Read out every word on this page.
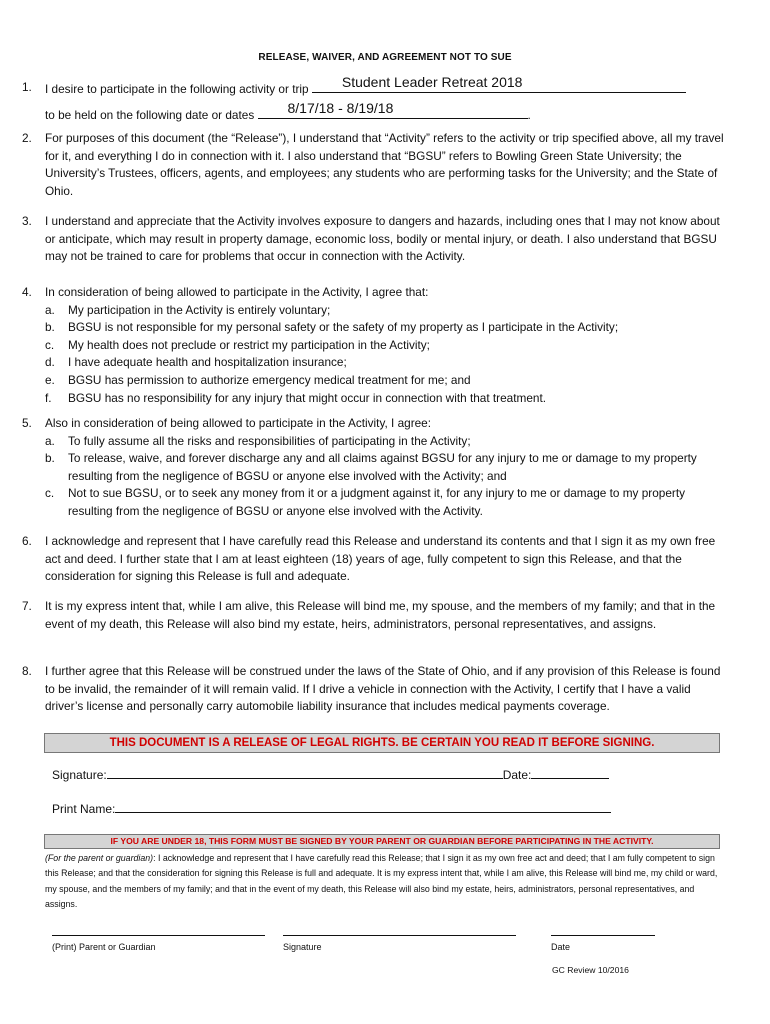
RELEASE, WAIVER, AND AGREEMENT NOT TO SUE
1.	I desire to participate in the following activity or trip Student Leader Retreat 2018
to be held on the following date or dates 8/17/18 - 8/19/18	.
2.	For purposes of this document (the “Release”), I understand that “Activity” refers to the activity or trip specified above, all my travel for it, and everything I do in connection with it. I also understand that “BGSU” refers to Bowling Green State University; the University’s Trustees, officers, agents, and employees; any students who are performing tasks for the University; and the State of Ohio.
3.	I understand and appreciate that the Activity involves exposure to dangers and hazards, including ones that I may not know about or anticipate, which may result in property damage, economic loss, bodily or mental injury, or death. I also understand that BGSU may not be trained to care for problems that occur in connection with the Activity.
4.	In consideration of being allowed to participate in the Activity, I agree that:
a. My participation in the Activity is entirely voluntary;
b. BGSU is not responsible for my personal safety or the safety of my property as I participate in the Activity;
c. My health does not preclude or restrict my participation in the Activity;
d. I have adequate health and hospitalization insurance;
e. BGSU has permission to authorize emergency medical treatment for me; and
f. BGSU has no responsibility for any injury that might occur in connection with that treatment.
5.	Also in consideration of being allowed to participate in the Activity, I agree:
a. To fully assume all the risks and responsibilities of participating in the Activity;
b. To release, waive, and forever discharge any and all claims against BGSU for any injury to me or damage to my property resulting from the negligence of BGSU or anyone else involved with the Activity; and
c. Not to sue BGSU, or to seek any money from it or a judgment against it, for any injury to me or damage to my property resulting from the negligence of BGSU or anyone else involved with the Activity.
6.	I acknowledge and represent that I have carefully read this Release and understand its contents and that I sign it as my own free act and deed. I further state that I am at least eighteen (18) years of age, fully competent to sign this Release, and that the consideration for signing this Release is full and adequate.
7.	It is my express intent that, while I am alive, this Release will bind me, my spouse, and the members of my family; and that in the event of my death, this Release will also bind my estate, heirs, administrators, personal representatives, and assigns.
8.	I further agree that this Release will be construed under the laws of the State of Ohio, and if any provision of this Release is found to be invalid, the remainder of it will remain valid. If I drive a vehicle in connection with the Activity, I certify that I have a valid driver’s license and personally carry automobile liability insurance that includes medical payments coverage.
THIS DOCUMENT IS A RELEASE OF LEGAL RIGHTS. BE CERTAIN YOU READ IT BEFORE SIGNING.
Signature:	Date:
Print Name:
IF YOU ARE UNDER 18, THIS FORM MUST BE SIGNED BY YOUR PARENT OR GUARDIAN BEFORE PARTICIPATING IN THE ACTIVITY.
(For the parent or guardian): I acknowledge and represent that I have carefully read this Release; that I sign it as my own free act and deed; that I am fully competent to sign this Release; and that the consideration for signing this Release is full and adequate. It is my express intent that, while I am alive, this Release will bind me, my child or ward, my spouse, and the members of my family; and that in the event of my death, this Release will also bind my estate, heirs, administrators, personal representatives, and assigns.
(Print) Parent or Guardian	Signature	Date
GC Review 10/2016
